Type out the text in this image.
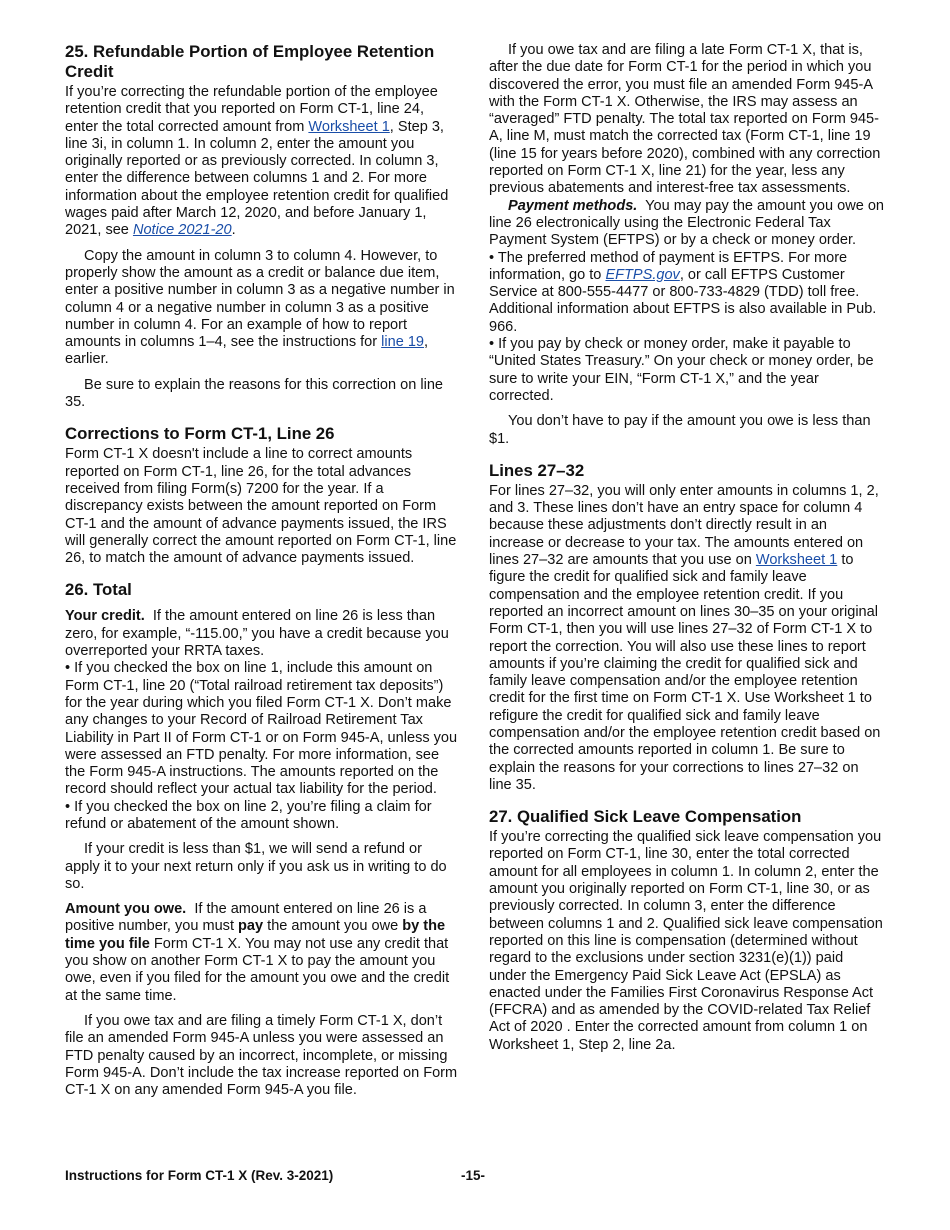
25. Refundable Portion of Employee Retention Credit

If you’re correcting the refundable portion of the employee retention credit that you reported on Form CT-1, line 24, enter the total corrected amount from Worksheet 1, Step 3, line 3i, in column 1. In column 2, enter the amount you originally reported or as previously corrected. In column 3, enter the difference between columns 1 and 2. For more information about the employee retention credit for qualified wages paid after March 12, 2020, and before January 1, 2021, see Notice 2021-20.

Copy the amount in column 3 to column 4. However, to properly show the amount as a credit or balance due item, enter a positive number in column 3 as a negative number in column 4 or a negative number in column 3 as a positive number in column 4. For an example of how to report amounts in columns 1–4, see the instructions for line 19, earlier.

Be sure to explain the reasons for this correction on line 35.

Corrections to Form CT-1, Line 26

Form CT-1 X doesn't include a line to correct amounts reported on Form CT-1, line 26, for the total advances received from filing Form(s) 7200 for the year. If a discrepancy exists between the amount reported on Form CT-1 and the amount of advance payments issued, the IRS will generally correct the amount reported on Form CT-1, line 26, to match the amount of advance payments issued.

26. Total

Your credit. If the amount entered on line 26 is less than zero, for example, “-115.00,” you have a credit because you overreported your RRTA taxes.

• If you checked the box on line 1, include this amount on Form CT-1, line 20 (“Total railroad retirement tax deposits”) for the year during which you filed Form CT-1 X. Don’t make any changes to your Record of Railroad Retirement Tax Liability in Part II of Form CT-1 or on Form 945-A, unless you were assessed an FTD penalty. For more information, see the Form 945-A instructions. The amounts reported on the record should reflect your actual tax liability for the period.

• If you checked the box on line 2, you’re filing a claim for refund or abatement of the amount shown.

If your credit is less than $1, we will send a refund or apply it to your next return only if you ask us in writing to do so.

Amount you owe. If the amount entered on line 26 is a positive number, you must pay the amount you owe by the time you file Form CT-1 X. You may not use any credit that you show on another Form CT-1 X to pay the amount you owe, even if you filed for the amount you owe and the credit at the same time.

If you owe tax and are filing a timely Form CT-1 X, don’t file an amended Form 945-A unless you were assessed an FTD penalty caused by an incorrect, incomplete, or missing Form 945-A. Don’t include the tax increase reported on Form CT-1 X on any amended Form 945-A you file.

If you owe tax and are filing a late Form CT-1 X, that is, after the due date for Form CT-1 for the period in which you discovered the error, you must file an amended Form 945-A with the Form CT-1 X. Otherwise, the IRS may assess an “averaged” FTD penalty. The total tax reported on Form 945-A, line M, must match the corrected tax (Form CT-1, line 19 (line 15 for years before 2020), combined with any correction reported on Form CT-1 X, line 21) for the year, less any previous abatements and interest-free tax assessments.

Payment methods. You may pay the amount you owe on line 26 electronically using the Electronic Federal Tax Payment System (EFTPS) or by a check or money order.

• The preferred method of payment is EFTPS. For more information, go to EFTPS.gov, or call EFTPS Customer Service at 800-555-4477 or 800-733-4829 (TDD) toll free. Additional information about EFTPS is also available in Pub. 966.

• If you pay by check or money order, make it payable to “United States Treasury.” On your check or money order, be sure to write your EIN, “Form CT-1 X,” and the year corrected.

You don’t have to pay if the amount you owe is less than $1.

Lines 27–32

For lines 27–32, you will only enter amounts in columns 1, 2, and 3. These lines don’t have an entry space for column 4 because these adjustments don’t directly result in an increase or decrease to your tax. The amounts entered on lines 27–32 are amounts that you use on Worksheet 1 to figure the credit for qualified sick and family leave compensation and the employee retention credit. If you reported an incorrect amount on lines 30–35 on your original Form CT-1, then you will use lines 27–32 of Form CT-1 X to report the correction. You will also use these lines to report amounts if you’re claiming the credit for qualified sick and family leave compensation and/or the employee retention credit for the first time on Form CT-1 X. Use Worksheet 1 to refigure the credit for qualified sick and family leave compensation and/or the employee retention credit based on the corrected amounts reported in column 1. Be sure to explain the reasons for your corrections to lines 27–32 on line 35.

27. Qualified Sick Leave Compensation

If you’re correcting the qualified sick leave compensation you reported on Form CT-1, line 30, enter the total corrected amount for all employees in column 1. In column 2, enter the amount you originally reported on Form CT-1, line 30, or as previously corrected. In column 3, enter the difference between columns 1 and 2. Qualified sick leave compensation reported on this line is compensation (determined without regard to the exclusions under section 3231(e)(1)) paid under the Emergency Paid Sick Leave Act (EPSLA) as enacted under the Families First Coronavirus Response Act (FFCRA) and as amended by the COVID-related Tax Relief Act of 2020 . Enter the corrected amount from column 1 on Worksheet 1, Step 2, line 2a.

Instructions for Form CT-1 X (Rev. 3-2021)	-15-
